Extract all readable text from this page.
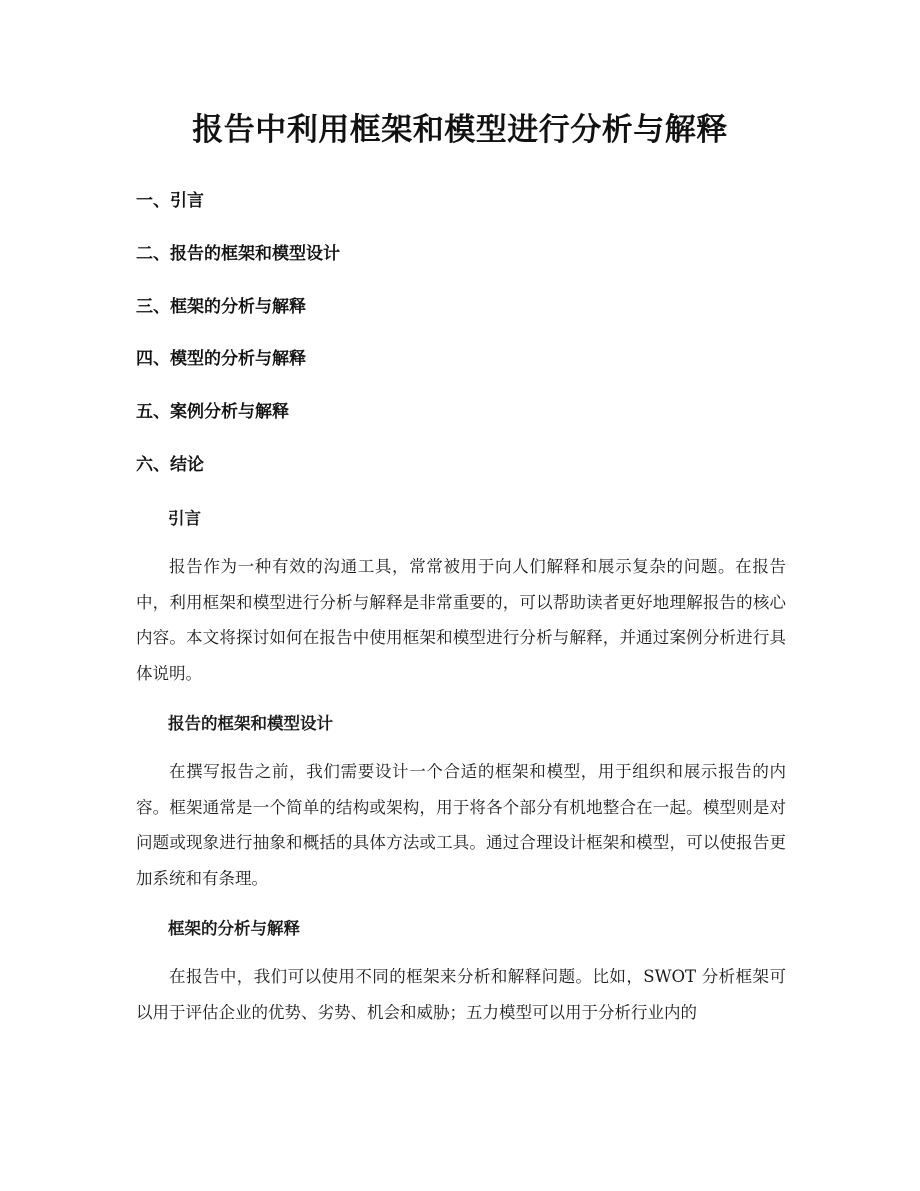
报告中利用框架和模型进行分析与解释
一、引言
二、报告的框架和模型设计
三、框架的分析与解释
四、模型的分析与解释
五、案例分析与解释
六、结论
引言

报告作为一种有效的沟通工具，常常被用于向人们解释和展示复杂的问题。在报告中，利用框架和模型进行分析与解释是非常重要的，可以帮助读者更好地理解报告的核心内容。本文将探讨如何在报告中使用框架和模型进行分析与解释，并通过案例分析进行具体说明。

报告的框架和模型设计

在撰写报告之前，我们需要设计一个合适的框架和模型，用于组织和展示报告的内容。框架通常是一个简单的结构或架构，用于将各个部分有机地整合在一起。模型则是对问题或现象进行抽象和概括的具体方法或工具。通过合理设计框架和模型，可以使报告更加系统和有条理。

框架的分析与解释

在报告中，我们可以使用不同的框架来分析和解释问题。比如，SWOT 分析框架可以用于评估企业的优势、劣势、机会和威胁；五力模型可以用于分析行业内的
